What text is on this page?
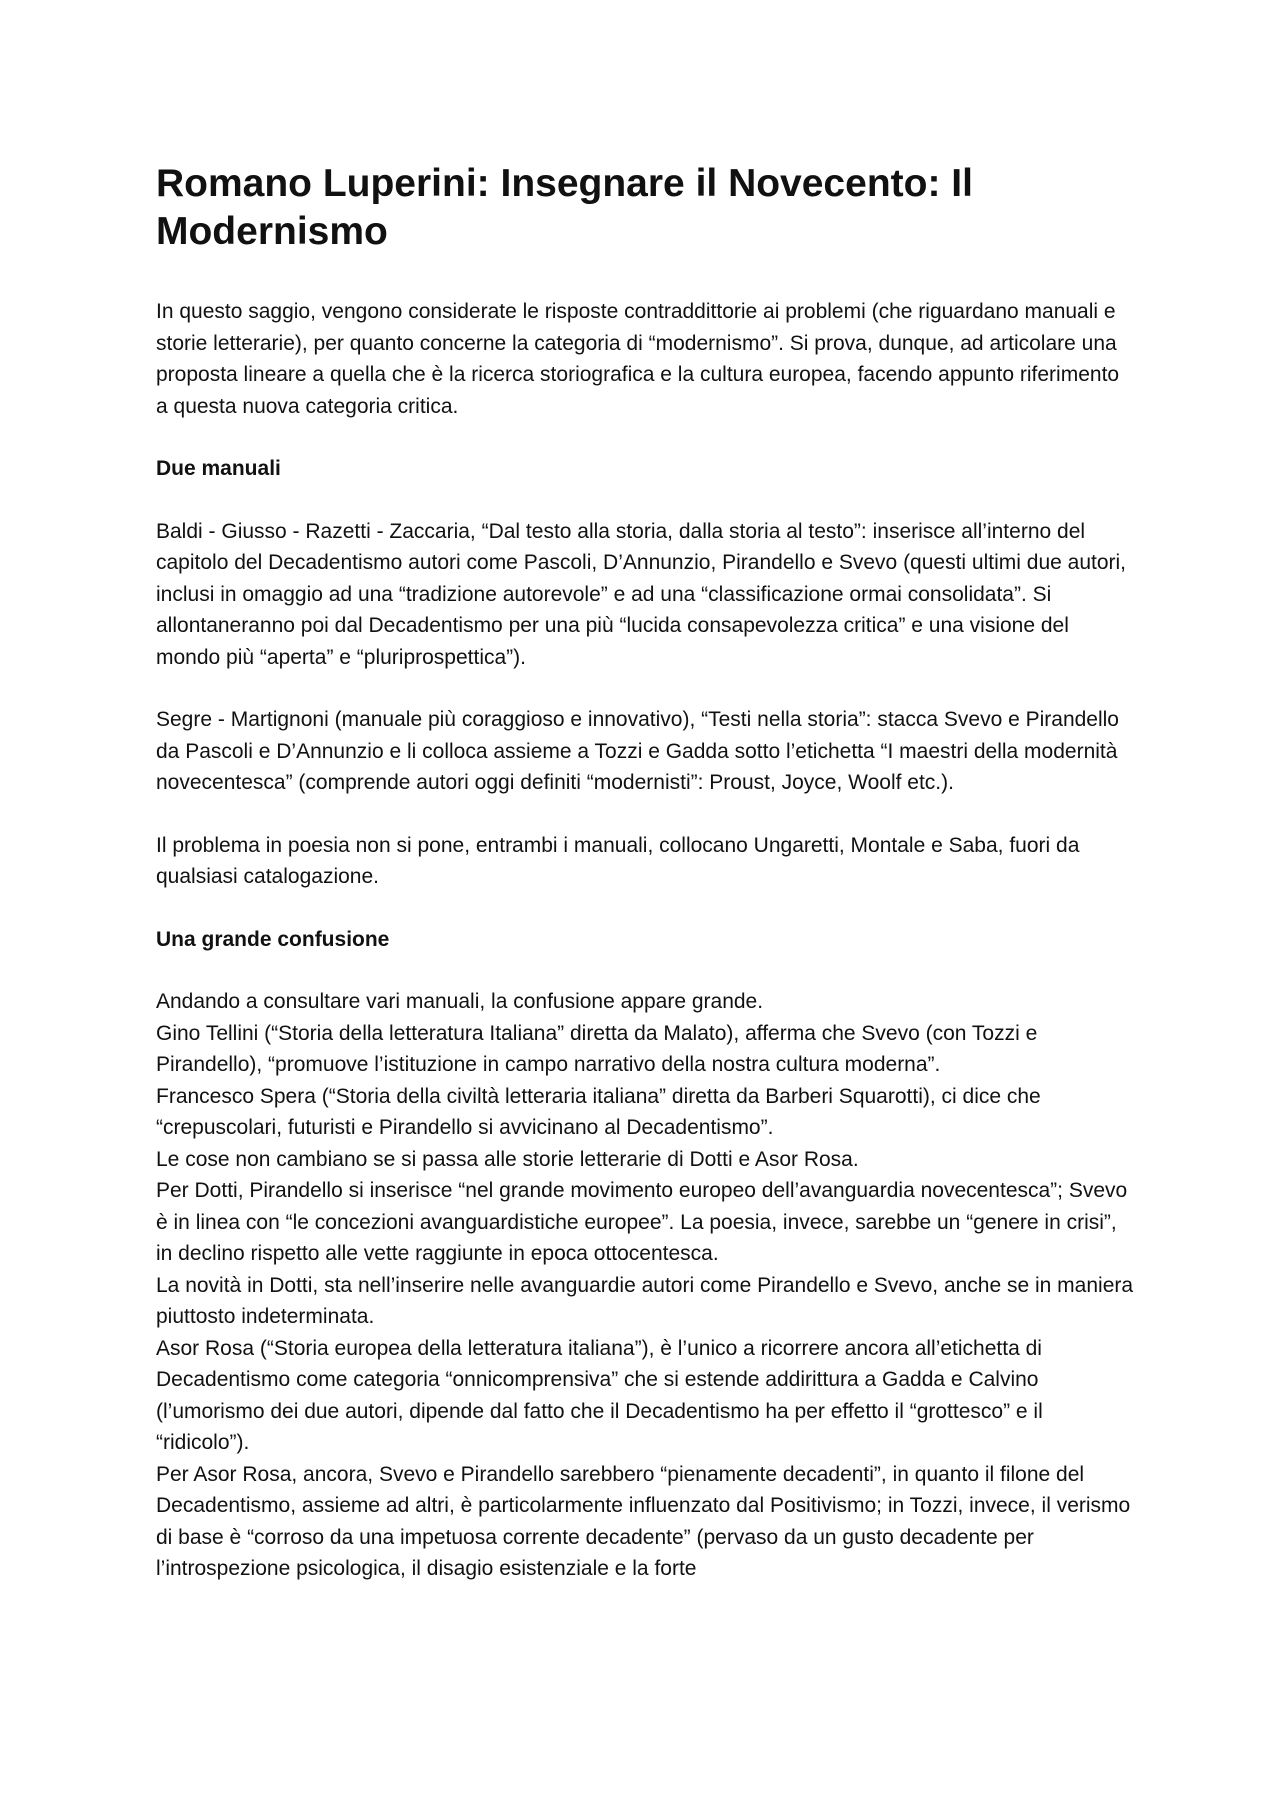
Romano Luperini: Insegnare il Novecento: Il Modernismo

In questo saggio, vengono considerate le risposte contraddittorie ai problemi (che riguardano manuali e storie letterarie), per quanto concerne la categoria di “modernismo”. Si prova, dunque, ad articolare una proposta lineare a quella che è la ricerca storiografica e la cultura europea, facendo appunto riferimento a questa nuova categoria critica.

Due manuali

Baldi - Giusso - Razetti - Zaccaria, “Dal testo alla storia, dalla storia al testo”: inserisce all’interno del capitolo del Decadentismo autori come Pascoli, D’Annunzio, Pirandello e Svevo (questi ultimi due autori, inclusi in omaggio ad una “tradizione autorevole” e ad una “classificazione ormai consolidata”. Si allontaneranno poi dal Decadentismo per una più “lucida consapevolezza critica” e una visione del mondo più “aperta” e “pluriprospettica”).

Segre - Martignoni (manuale più coraggioso e innovativo), “Testi nella storia”: stacca Svevo e Pirandello da Pascoli e D’Annunzio e li colloca assieme a Tozzi e Gadda sotto l’etichetta “I maestri della modernità novecentesca” (comprende autori oggi definiti “modernisti”: Proust, Joyce, Woolf etc.).

Il problema in poesia non si pone, entrambi i manuali, collocano Ungaretti, Montale e Saba, fuori da qualsiasi catalogazione.

Una grande confusione

Andando a consultare vari manuali, la confusione appare grande.

Gino Tellini (“Storia della letteratura Italiana” diretta da Malato), afferma che Svevo (con Tozzi e Pirandello), “promuove l’istituzione in campo narrativo della nostra cultura moderna”.

Francesco Spera (“Storia della civiltà letteraria italiana” diretta da Barberi Squarotti), ci dice che “crepuscolari, futuristi e Pirandello si avvicinano al Decadentismo”.

Le cose non cambiano se si passa alle storie letterarie di Dotti e Asor Rosa.

Per Dotti, Pirandello si inserisce “nel grande movimento europeo dell’avanguardia novecentesca”; Svevo è in linea con “le concezioni avanguardistiche europee”. La poesia, invece, sarebbe un “genere in crisi”, in declino rispetto alle vette raggiunte in epoca ottocentesca.

La novità in Dotti, sta nell’inserire nelle avanguardie autori come Pirandello e Svevo, anche se in maniera piuttosto indeterminata.

Asor Rosa (“Storia europea della letteratura italiana”), è l’unico a ricorrere ancora all’etichetta di Decadentismo come categoria “onnicomprensiva” che si estende addirittura a Gadda e Calvino (l’umorismo dei due autori, dipende dal fatto che il Decadentismo ha per effetto il “grottesco” e il “ridicolo”).

Per Asor Rosa, ancora, Svevo e Pirandello sarebbero “pienamente decadenti”, in quanto il filone del Decadentismo, assieme ad altri, è particolarmente influenzato dal Positivismo; in Tozzi, invece, il verismo di base è “corroso da una impetuosa corrente decadente” (pervaso da un gusto decadente per l’introspezione psicologica, il disagio esistenziale e la forte
